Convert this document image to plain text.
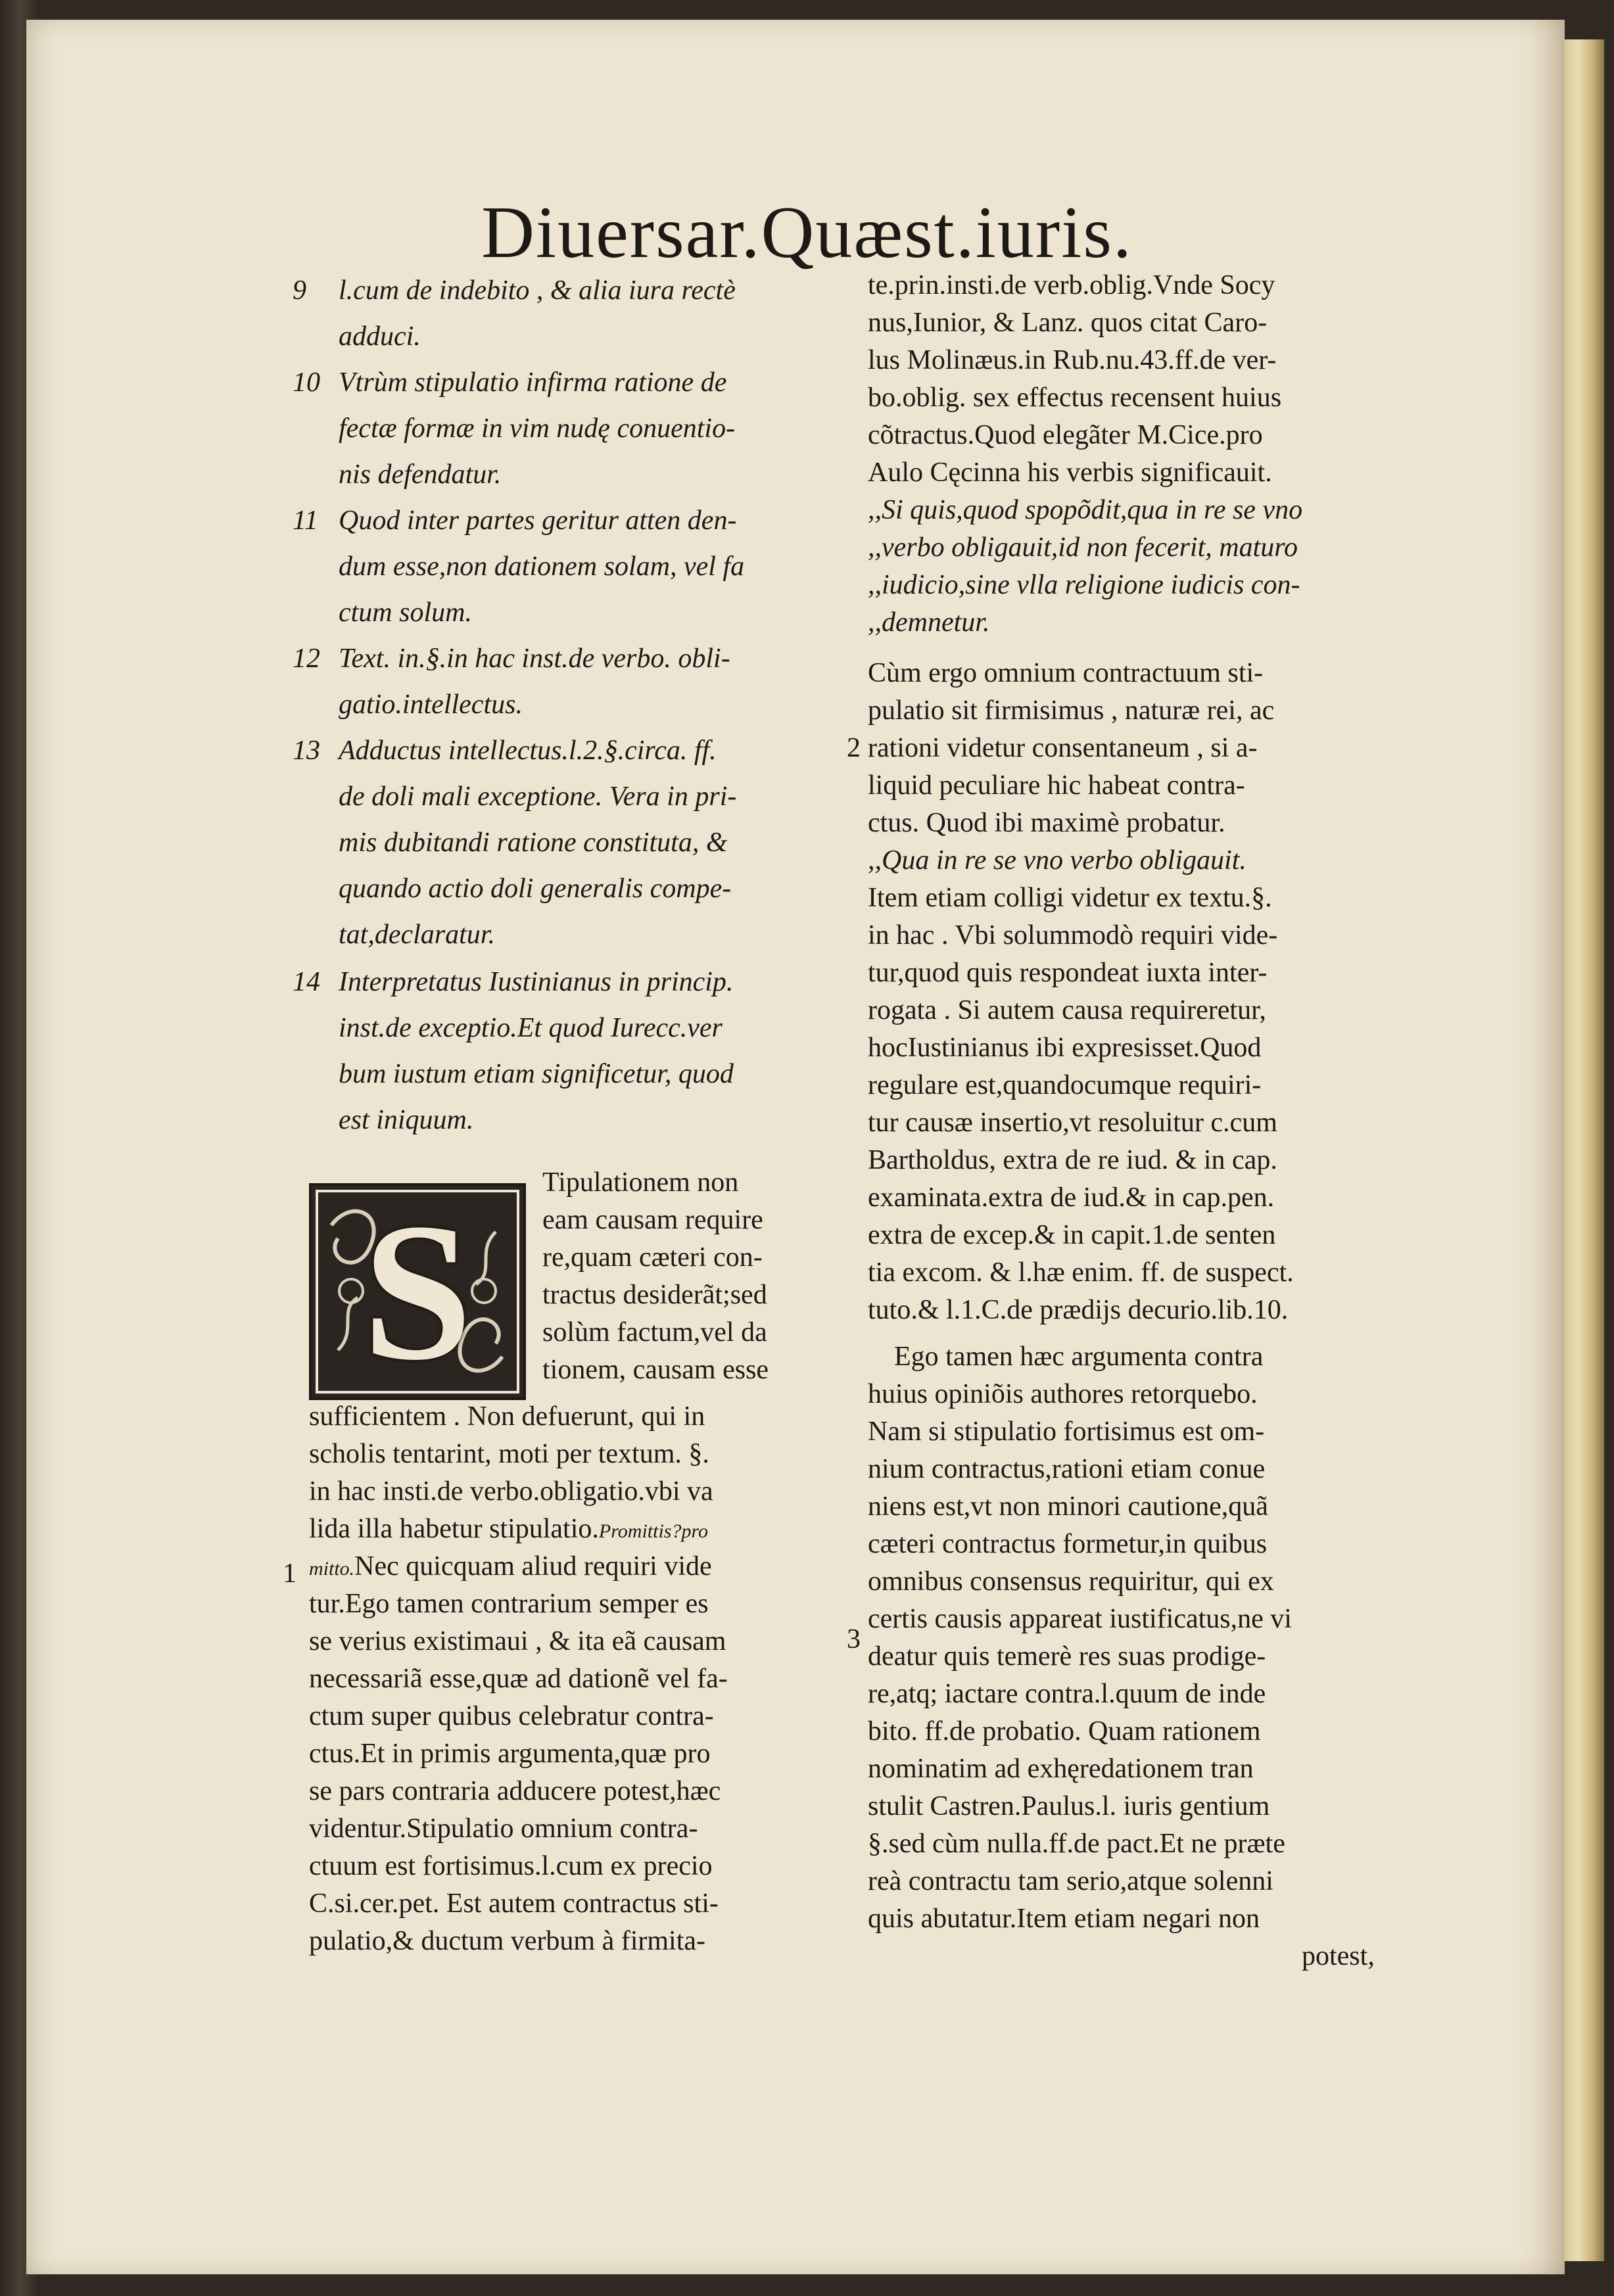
Diuersar.Quæst.iuris.
9
10
11
12
13
14
l.cum de indebito , & alia iura rectè
adduci.
Vtrùm stipulatio infirma ratione de
fectæ formæ in vim nudę conuentio-
nis defendatur.
Quod inter partes geritur atten den-
dum esse,non dationem solam, vel fa
ctum solum.
Text. in.§.in hac inst.de verbo. obli-
gatio.intellectus.
Adductus intellectus.l.2.§.circa. ff.
de doli mali exceptione. Vera in pri-
mis dubitandi ratione constituta, &
quando actio doli generalis compe-
tat,declaratur.
Interpretatus Iustinianus in princip.
inst.de exceptio.Et quod Iurecc.ver
bum iustum etiam significetur, quod
est iniquum.
S	Tipulationem non
eam causam require
re,quam cæteri con-
tractus desiderãt;sed
solùm factum,vel da
tionem, causam esse
sufficientem . Non defuerunt, qui in
scholis tentarint, moti per textum. §.
in hac insti.de verbo.obligatio.vbi va
lida illa habetur stipulatio.Promittis?pro
mitto.Nec quicquam aliud requiri vide
tur.Ego tamen contrarium semper es
se verius existimaui , & ita eã causam
necessariã esse,quæ ad dationẽ vel fa-
ctum super quibus celebratur contra-
ctus.Et in primis argumenta,quæ pro
se pars contraria adducere potest,hæc
videntur.Stipulatio omnium contra-
ctuum est fortisimus.l.cum ex precio
C.si.cer.pet. Est autem contractus sti-
pulatio,& ductum verbum à firmita-
1
te.prin.insti.de verb.oblig.Vnde Socy
nus,Iunior, & Lanz. quos citat Caro-
lus Molinæus.in Rub.nu.43.ff.de ver-
bo.oblig. sex effectus recensent huius
cõtractus.Quod elegãter M.Cice.pro
Aulo Cęcinna his verbis significauit.
,,Si quis,quod spopõdit,qua in re se vno
,,verbo obligauit,id non fecerit, maturo
,,iudicio,sine vlla religione iudicis con-
,,demnetur.
Cùm ergo omnium contractuum sti-
pulatio sit firmisimus , naturæ rei, ac
rationi videtur consentaneum , si a-
liquid peculiare hic habeat contra-
ctus. Quod ibi maximè probatur.
,,Qua in re se vno verbo obligauit.
Item etiam colligi videtur ex textu.§.
in hac . Vbi solummodò requiri vide-
tur,quod quis respondeat iuxta inter-
rogata . Si autem causa requireretur,
hocIustinianus ibi expresisset.Quod
regulare est,quandocumque requiri-
tur causæ insertio,vt resoluitur c.cum
Bartholdus, extra de re iud. & in cap.
examinata.extra de iud.& in cap.pen.
extra de excep.& in capit.1.de senten
tia excom. & l.hæ enim. ff. de suspect.
tuto.& l.1.C.de prædijs decurio.lib.10.
Ego tamen hæc argumenta contra
huius opiniõis authores retorquebo.
Nam si stipulatio fortisimus est om-
nium contractus,rationi etiam conue
niens est,vt non minori cautione,quã
cæteri contractus formetur,in quibus
omnibus consensus requiritur, qui ex
certis causis appareat iustificatus,ne vi
deatur quis temerè res suas prodige-
re,atq; iactare contra.l.quum de inde
bito. ff.de probatio. Quam rationem
nominatim ad exhęredationem tran
stulit Castren.Paulus.l. iuris gentium
§.sed cùm nulla.ff.de pact.Et ne præte
reà contractu tam serio,atque solenni
quis abutatur.Item etiam negari non
potest,
2
3
